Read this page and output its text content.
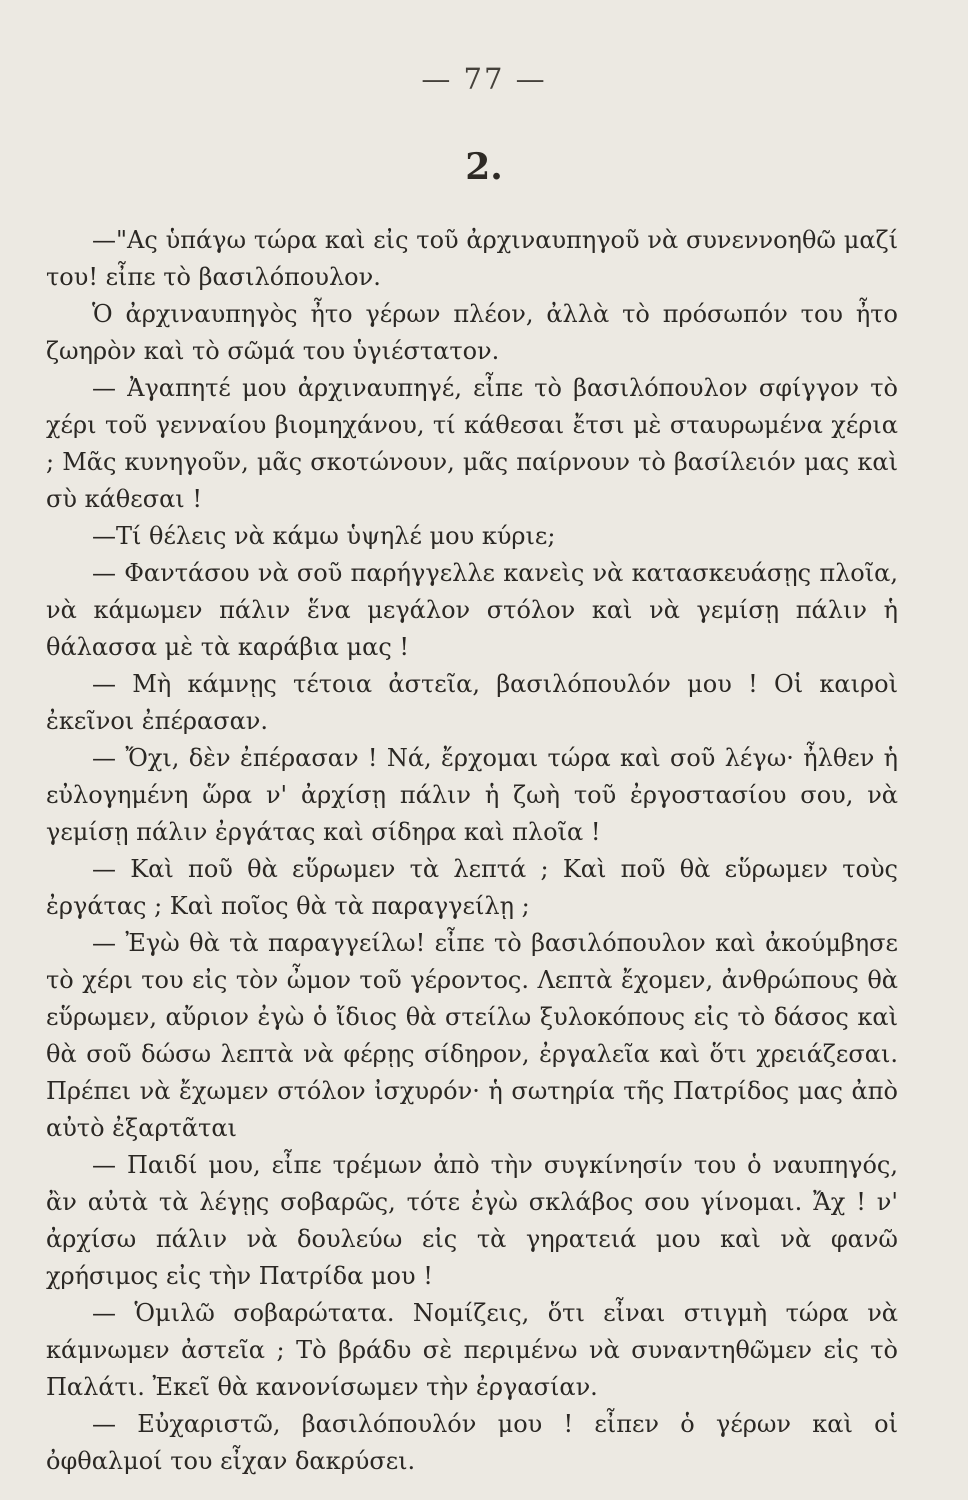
— 77 —
2.

—"Ας ὑπάγω τώρα καὶ εἰς τοῦ ἀρχιναυπηγοῦ νὰ συνεννοηθῶ μαζί του! εἶπε τὸ βασιλόπουλον.

Ὁ ἀρχιναυπηγὸς ἦτο γέρων πλέον, ἀλλὰ τὸ πρόσωπόν του ἦτο ζωηρὸν καὶ τὸ σῶμά του ὑγιέστατον.

— Ἀγαπητέ μου ἀρχιναυπηγέ, εἶπε τὸ βασιλόπουλον σφίγγον τὸ χέρι τοῦ γενναίου βιομηχάνου, τί κάθεσαι ἔτσι μὲ σταυρωμένα χέρια ; Μᾶς κυνηγοῦν, μᾶς σκοτώνουν, μᾶς παίρνουν τὸ βασίλειόν μας καὶ σὺ κάθεσαι !

—Τί θέλεις νὰ κάμω ὑψηλέ μου κύριε;

— Φαντάσου νὰ σοῦ παρήγγελλε κανεὶς νὰ κατασκευάσῃς πλοῖα, νὰ κάμωμεν πάλιν ἕνα μεγάλον στόλον καὶ νὰ γεμίσῃ πάλιν ἡ θάλασσα μὲ τὰ καράβια μας !

— Μὴ κάμνῃς τέτοια ἀστεῖα, βασιλόπουλόν μου ! Οἱ καιροὶ ἐκεῖνοι ἐπέρασαν.

— Ὄχι, δὲν ἐπέρασαν ! Νά, ἔρχομαι τώρα καὶ σοῦ λέγω· ἦλθεν ἡ εὐλογημένη ὥρα ν' ἀρχίσῃ πάλιν ἡ ζωὴ τοῦ ἐργοστασίου σου, νὰ γεμίσῃ πάλιν ἐργάτας καὶ σίδηρα καὶ πλοῖα !

— Καὶ ποῦ θὰ εὕρωμεν τὰ λεπτά ; Καὶ ποῦ θὰ εὕρωμεν τοὺς ἐργάτας ; Καὶ ποῖος θὰ τὰ παραγγείλῃ ;

— Ἐγὼ θὰ τὰ παραγγείλω! εἶπε τὸ βασιλόπουλον καὶ ἀκούμβησε τὸ χέρι του εἰς τὸν ὦμον τοῦ γέροντος. Λεπτὰ ἔχομεν, ἀνθρώπους θὰ εὕρωμεν, αὔριον ἐγὼ ὁ ἴδιος θὰ στείλω ξυλοκόπους εἰς τὸ δάσος καὶ θὰ σοῦ δώσω λεπτὰ νὰ φέρῃς σίδηρον, ἐργαλεῖα καὶ ὅτι χρειάζεσαι. Πρέπει νὰ ἔχωμεν στόλον ἰσχυρόν· ἡ σωτηρία τῆς Πατρίδος μας ἀπὸ αὐτὸ ἐξαρτᾶται

— Παιδί μου, εἶπε τρέμων ἀπὸ τὴν συγκίνησίν του ὁ ναυπηγός, ἂν αὐτὰ τὰ λέγῃς σοβαρῶς, τότε ἐγὼ σκλάβος σου γίνομαι. Ἄχ ! ν' ἀρχίσω πάλιν νὰ δουλεύω εἰς τὰ γηρατειά μου καὶ νὰ φανῶ χρήσιμος εἰς τὴν Πατρίδα μου !

— Ὁμιλῶ σοβαρώτατα. Νομίζεις, ὅτι εἶναι στιγμὴ τώρα νὰ κάμνωμεν ἀστεῖα ; Τὸ βράδυ σὲ περιμένω νὰ συναντηθῶμεν εἰς τὸ Παλάτι. Ἐκεῖ θὰ κανονίσωμεν τὴν ἐργασίαν.

— Εὐχαριστῶ, βασιλόπουλόν μου ! εἶπεν ὁ γέρων καὶ οἱ ὀφθαλμοί του εἶχαν δακρύσει.
